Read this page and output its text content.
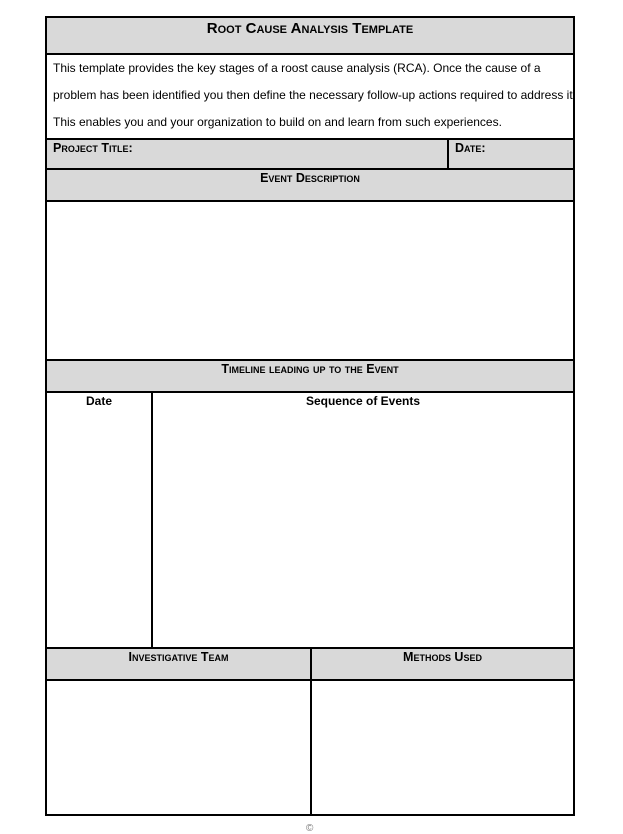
Root Cause Analysis Template
This template provides the key stages of a roost cause analysis (RCA). Once the cause of a
problem has been identified you then define the necessary follow-up actions required to address it.
This enables you and your organization to build on and learn from such experiences.
Project Title:	Date:
Event Description
Timeline leading up to the Event
Date	Sequence of Events
Investigative Team	Methods Used
©
